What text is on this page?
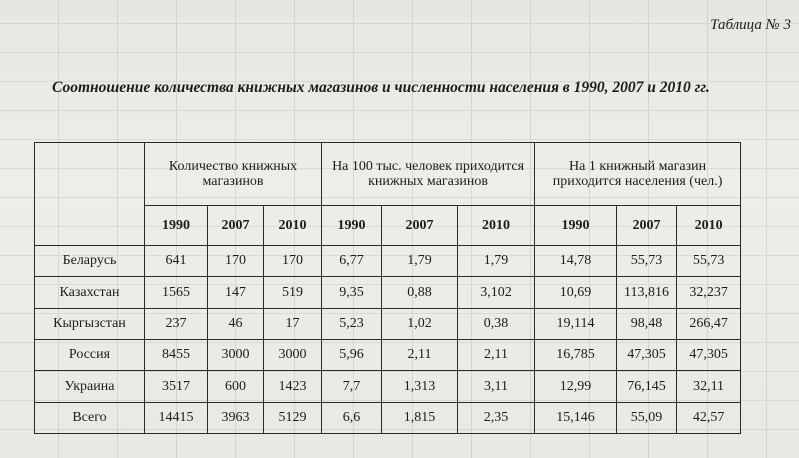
Таблица № 3
Соотношение количества книжных магазинов и численности населения в 1990, 2007 и 2010 гг.
	Количество книжных магазинов			На 100 тыс. человек приходится книжных магазинов			На 1 книжный магазин приходится населения (чел.)		
	1990	2007	2010	1990	2007	2010	1990	2007	2010
Беларусь	641	170	170	6,77	1,79	1,79	14,78	55,73	55,73
Казахстан	1565	147	519	9,35	0,88	3,102	10,69	113,816	32,237
Кыргызстан	237	46	17	5,23	1,02	0,38	19,114	98,48	266,47
Россия	8455	3000	3000	5,96	2,11	2,11	16,785	47,305	47,305
Украина	3517	600	1423	7,7	1,313	3,11	12,99	76,145	32,11
Всего	14415	3963	5129	6,6	1,815	2,35	15,146	55,09	42,57
